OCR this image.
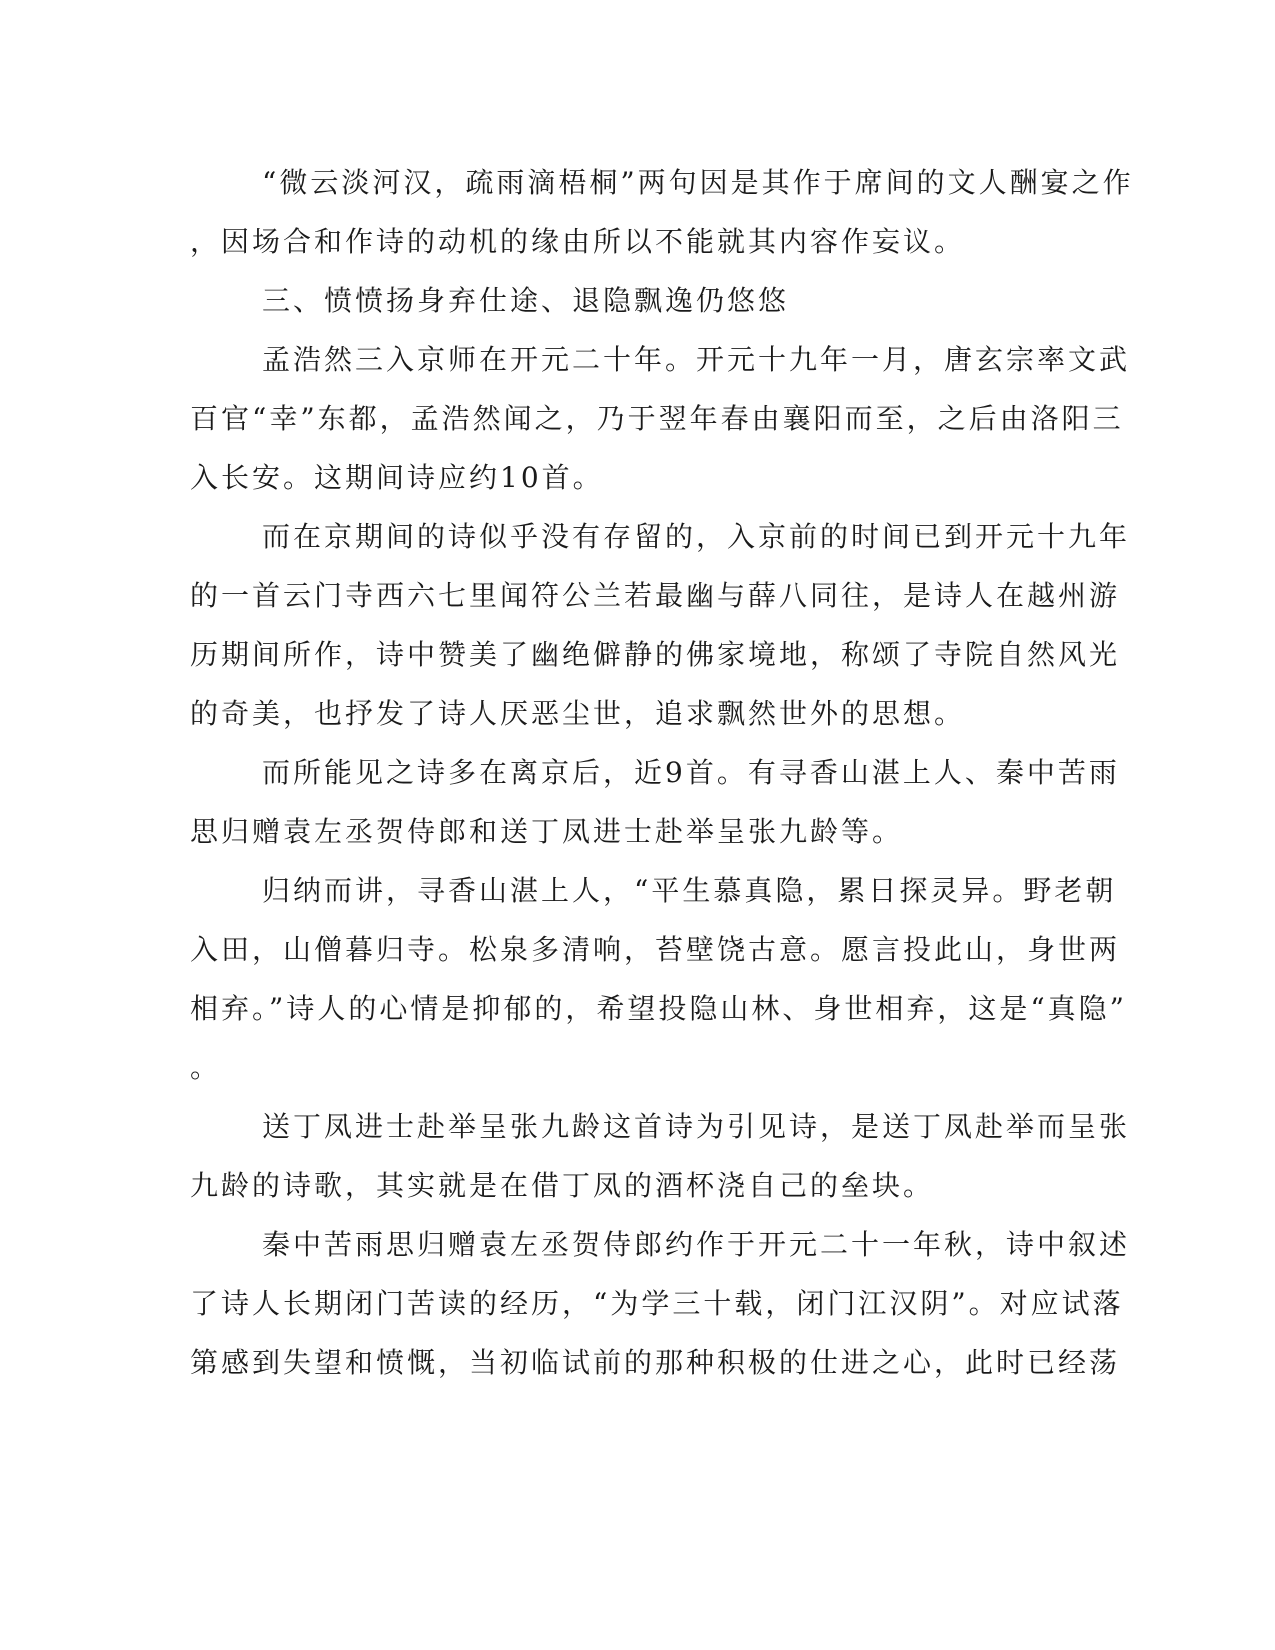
“微云淡河汉，疏雨滴梧桐”两句因是其作于席间的文人酬宴之作

，因场合和作诗的动机的缘由所以不能就其内容作妄议。

三、愤愤扬身弃仕途、退隐飘逸仍悠悠

孟浩然三入京师在开元二十年。开元十九年一月，唐玄宗率文武

百官“幸”东都，孟浩然闻之，乃于翌年春由襄阳而至，之后由洛阳三

入长安。这期间诗应约10首。

而在京期间的诗似乎没有存留的，入京前的时间已到开元十九年

的一首云门寺西六七里闻符公兰若最幽与薛八同往，是诗人在越州游

历期间所作，诗中赞美了幽绝僻静的佛家境地，称颂了寺院自然风光

的奇美，也抒发了诗人厌恶尘世，追求飘然世外的思想。

而所能见之诗多在离京后，近9首。有寻香山湛上人、秦中苦雨

思归赠袁左丞贺侍郎和送丁凤进士赴举呈张九龄等。

归纳而讲，寻香山湛上人，“平生慕真隐，累日探灵异。野老朝

入田，山僧暮归寺。松泉多清响，苔壁饶古意。愿言投此山，身世两

相弃。”诗人的心情是抑郁的，希望投隐山林、身世相弃，这是“真隐”

。

送丁凤进士赴举呈张九龄这首诗为引见诗，是送丁凤赴举而呈张

九龄的诗歌，其实就是在借丁凤的酒杯浇自己的垒块。

秦中苦雨思归赠袁左丞贺侍郎约作于开元二十一年秋，诗中叙述

了诗人长期闭门苦读的经历，“为学三十载，闭门江汉阴”。对应试落

第感到失望和愤慨，当初临试前的那种积极的仕进之心，此时已经荡
